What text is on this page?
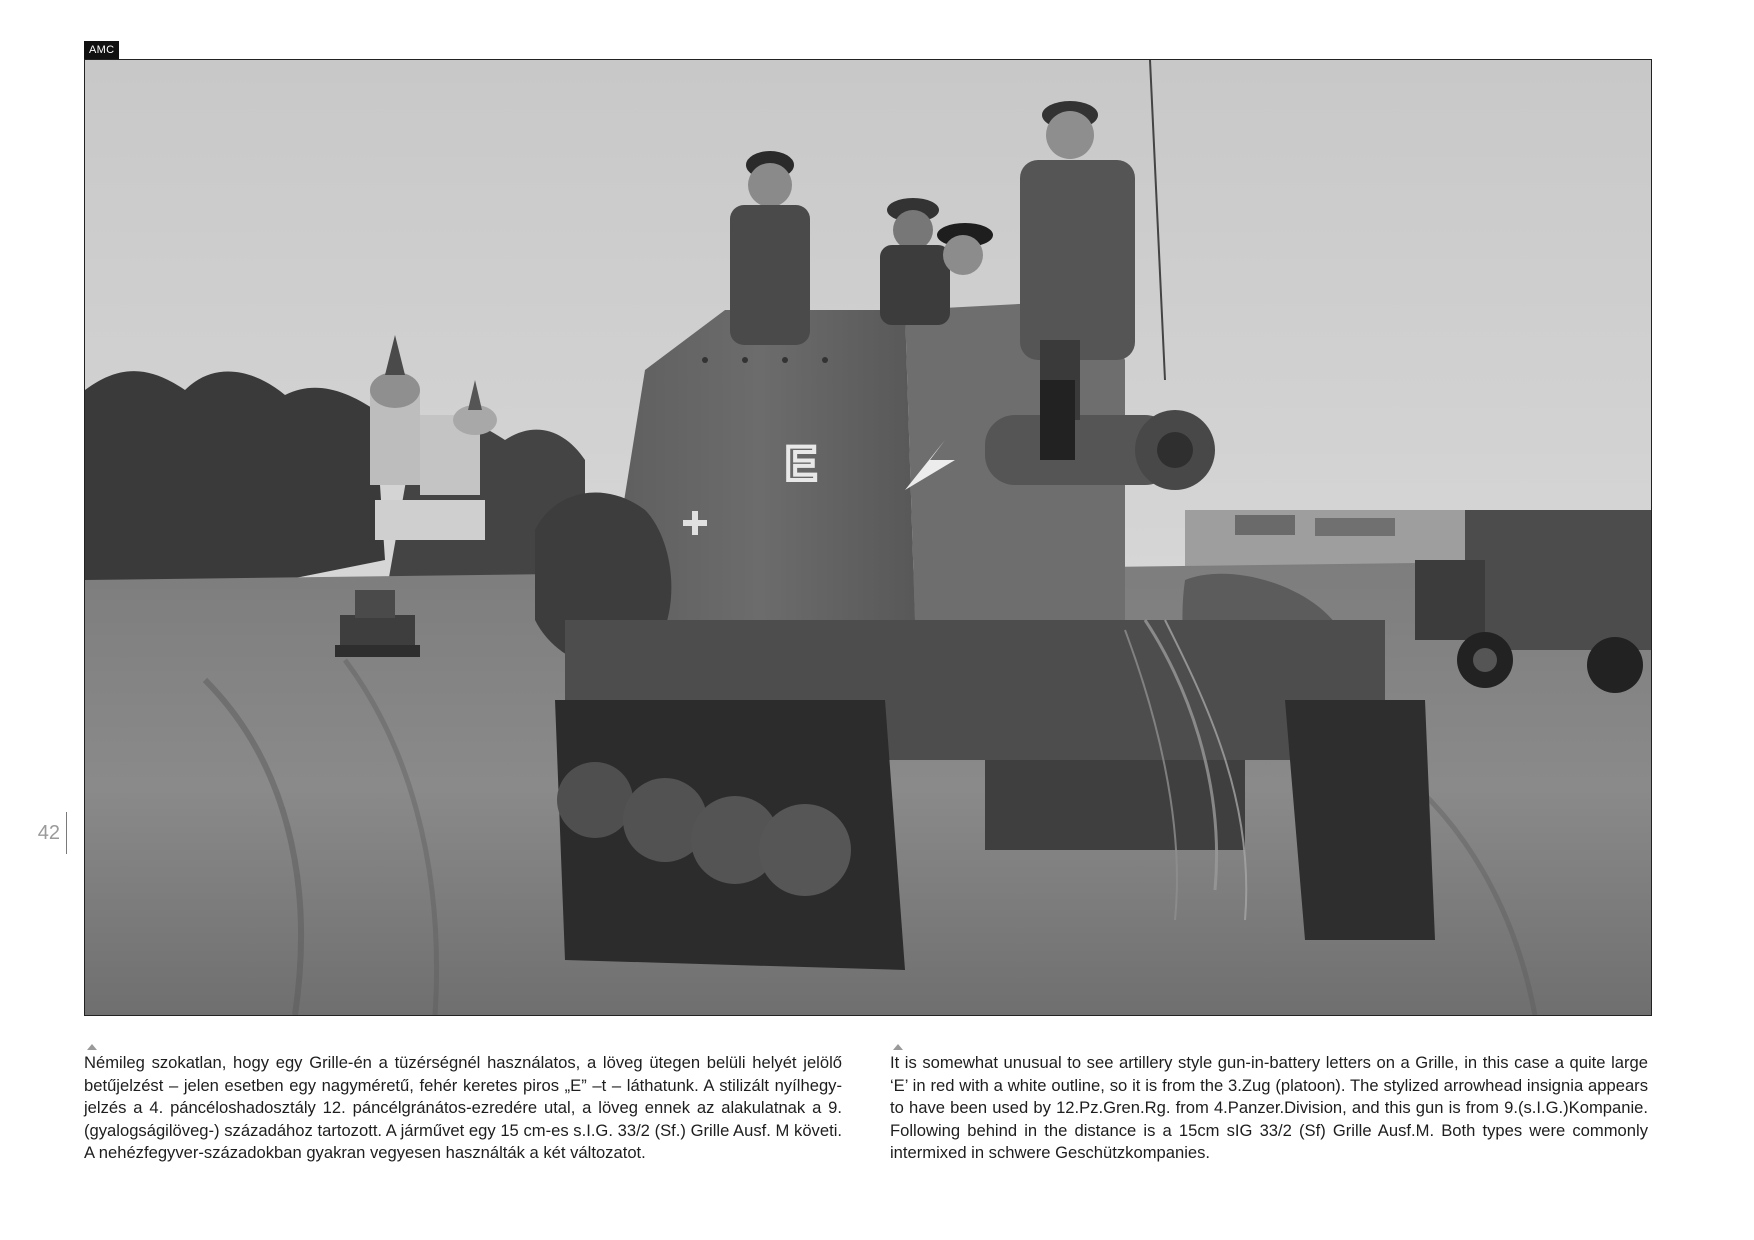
AMC
E
42

Némileg szokatlan, hogy egy Grille-én a tüzérségnél használatos, a löveg ütegen belüli helyét jelölő betűjelzést – jelen esetben egy nagyméretű, fehér keretes piros „E” –t – láthatunk. A stilizált nyílhegy-jelzés a 4. páncéloshadosztály 12. páncélgránátos-ezredére utal, a löveg ennek az alakulatnak a 9. (gyalogságilöveg-) századához tartozott. A járművet egy 15 cm-es s.I.G. 33/2 (Sf.) Grille Ausf. M követi. A nehézfegyver-századokban gyakran vegyesen használták a két változatot.

It is somewhat unusual to see artillery style gun-in-battery letters on a Grille, in this case a quite large ‘E’ in red with a white outline, so it is from the 3.Zug (platoon). The stylized arrowhead insignia appears to have been used by 12.Pz.Gren.Rg. from 4.Panzer.Division, and this gun is from 9.(s.I.G.)Kompanie. Following behind in the distance is a 15cm sIG 33/2 (Sf) Grille Ausf.M. Both types were commonly intermixed in schwere Geschützkompanies.
